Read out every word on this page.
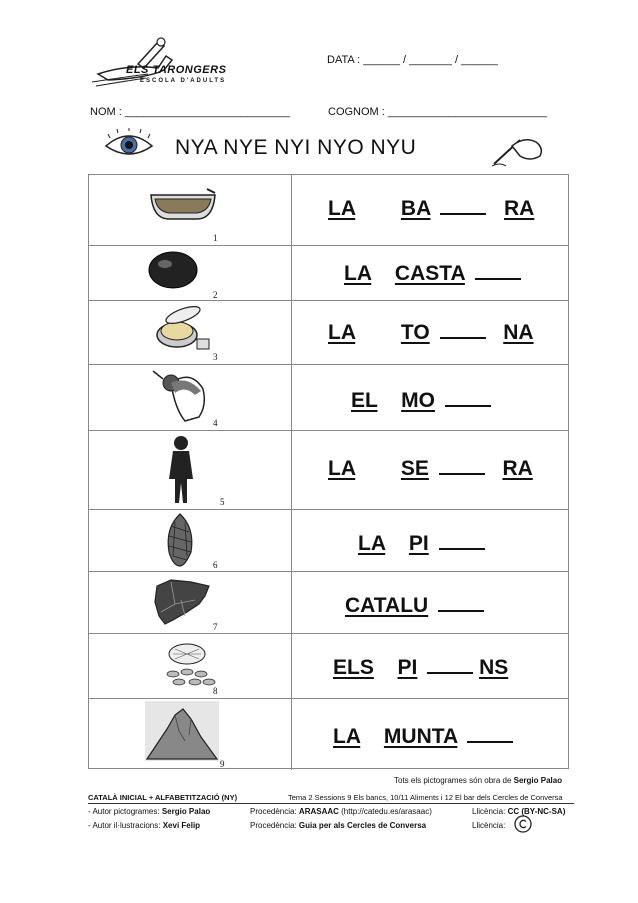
ELS TARONGERS
ESCOLA D'ADULTS
DATA : ______ / _______ / ______
NOM : ___________________________	COGNOM : __________________________
NYA NYE NYI NYO NYU
1
LA BA	RA
2
LA CASTA
3
LA TO	NA
4
EL MO
5
LA SE	RA
6
LA PI
7
CATALU
8
ELS PI	NS
9
LA MUNTA
Tots els pictogrames són obra de Sergio Palao
CATALÀ INICIAL + ALFABETITZACIÓ (NY)	Tema 2 Sessions 9 Els bancs, 10/11 Aliments i 12 El bar dels Cercles de Conversa
- Autor pictogrames: Sergio Palao	Procedència: ARASAAC (http://catedu.es/arasaac)	Llicència: CC (BY-NC-SA)
- Autor il·lustracions: Xevi Felip	Procedència: Guia per als Cercles de Conversa	Llicència:
